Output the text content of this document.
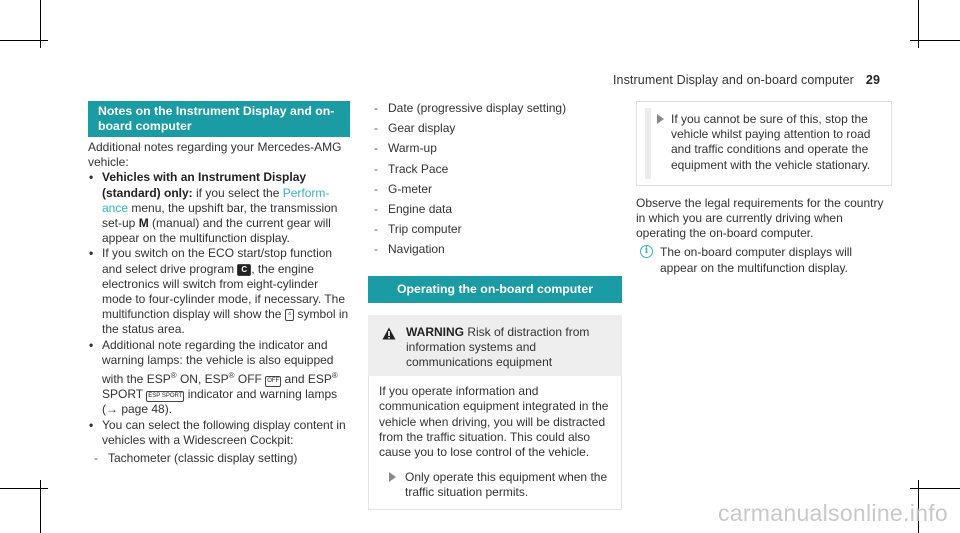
Instrument Display and on-board computer 29
Notes on the Instrument Display and on-board computer

Additional notes regarding your Mercedes-AMG vehicle:

• Vehicles with an Instrument Display (standard) only: if you select the Perform-ance menu, the upshift bar, the transmission set-up M (manual) and the current gear will appear on the multifunction display.
• If you switch on the ECO start/stop function and select drive program C , the engine electronics will switch from eight-cylinder mode to four-cylinder mode, if necessary. The multifunction display will show the ⁴ symbol in the status area.
• Additional note regarding the indicator and warning lamps: the vehicle is also equipped with the ESP® ON, ESP® OFF OFF and ESP® SPORT ESP SPORT indicator and warning lamps (→ page 48).
• You can select the following display content in vehicles with a Widescreen Cockpit:
- Tachometer (classic display setting)
- Date (progressive display setting)
- Gear display
- Warm-up
- Track Pace
- G-meter
- Engine data
- Trip computer
- Navigation
Operating the on-board computer
WARNING Risk of distraction from information systems and communications equipment

If you operate information and communication equipment integrated in the vehicle when driving, you will be distracted from the traffic situation. This could also cause you to lose control of the vehicle.

Only operate this equipment when the traffic situation permits.
If you cannot be sure of this, stop the vehicle whilst paying attention to road and traffic conditions and operate the equipment with the vehicle stationary.

Observe the legal requirements for the country in which you are currently driving when operating the on-board computer.

i The on-board computer displays will appear on the multifunction display.
carmanualsonline.info
